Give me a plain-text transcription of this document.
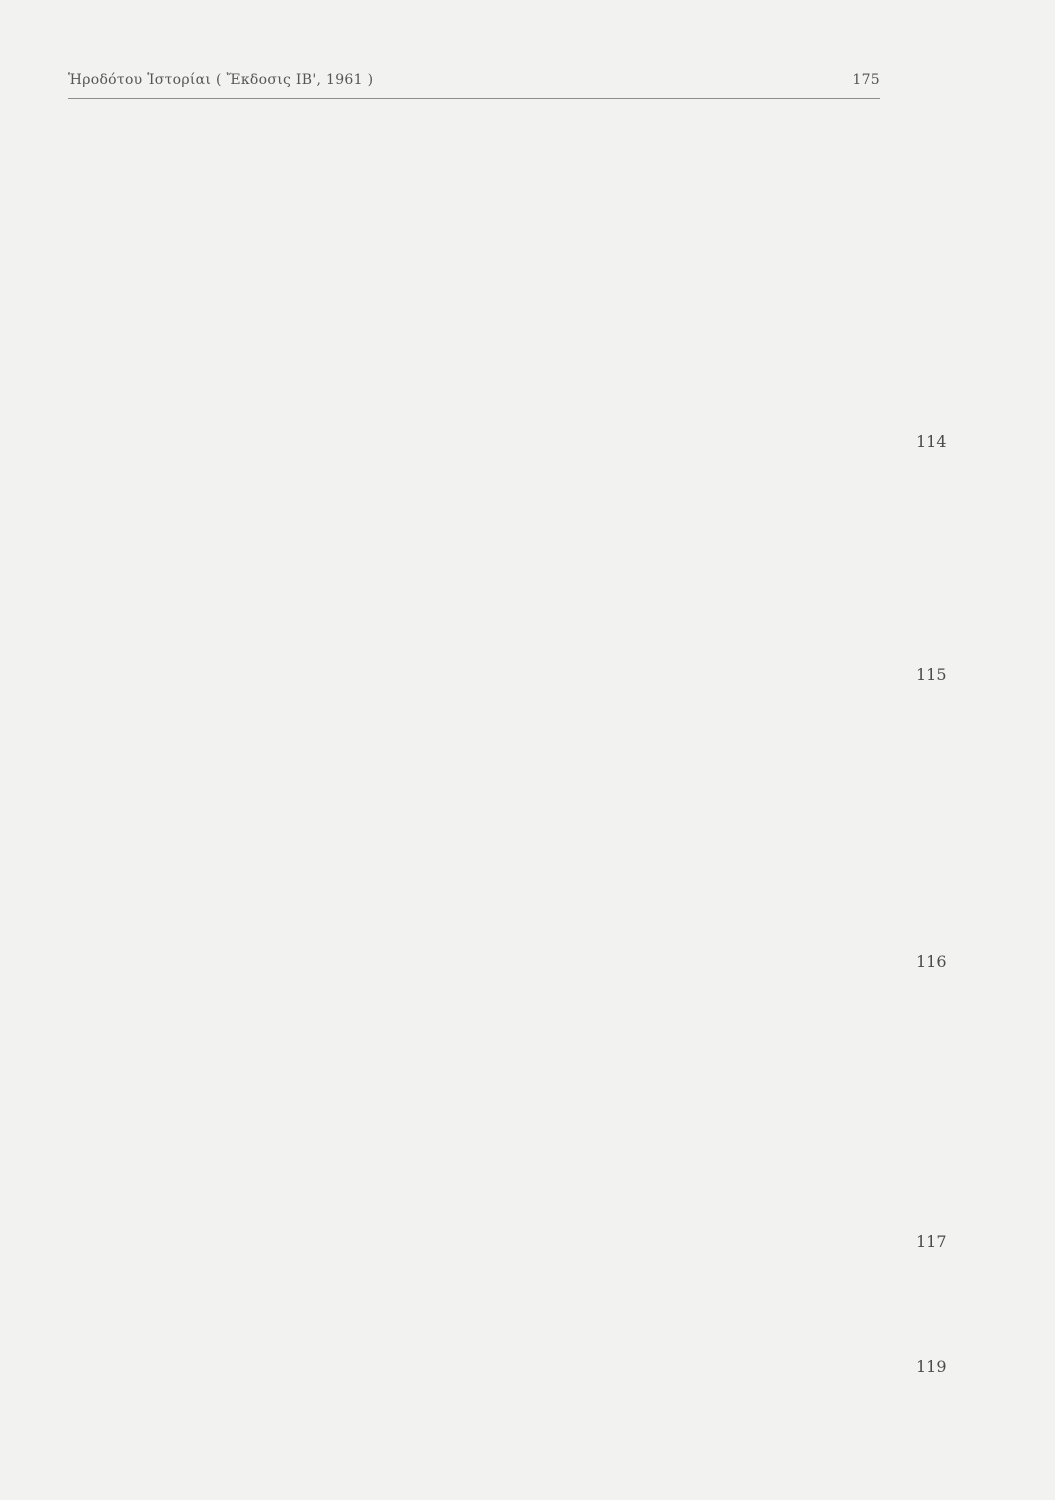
Ἡροδότου Ἱστορίαι ( Ἔκδοσις ΙΒ', 1961 )	175
114
115
116
117
119
